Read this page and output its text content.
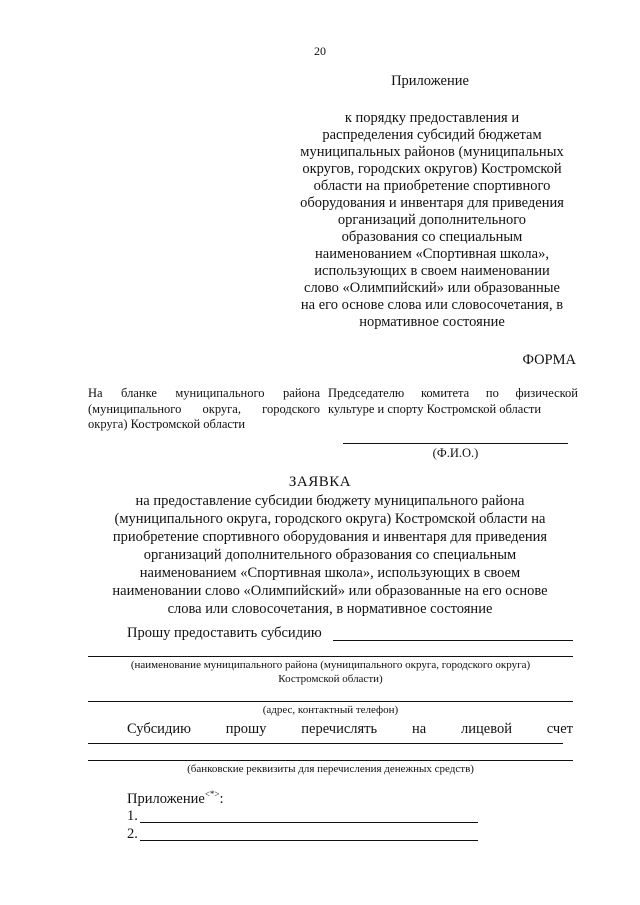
20
Приложение
к порядку предоставления и
распределения субсидий бюджетам
муниципальных районов (муниципальных
округов, городских округов) Костромской
области на приобретение спортивного
оборудования и инвентаря для приведения
организаций дополнительного
образования со специальным
наименованием «Спортивная школа»,
использующих в своем наименовании
слово «Олимпийский» или образованные
на его основе слова или словосочетания, в
нормативное состояние
ФОРМА
На бланке муниципального района (муниципального округа, городского округа) Костромской области
Председателю комитета по физической культуре и спорту Костромской области
(Ф.И.О.)
ЗАЯВКА
на предоставление субсидии бюджету муниципального района
(муниципального округа, городского округа) Костромской области на
приобретение спортивного оборудования и инвентаря для приведения
организаций дополнительного образования со специальным
наименованием «Спортивная школа», использующих в своем
наименовании слово «Олимпийский» или образованные на его основе
слова или словосочетания, в нормативное состояние
Прошу предоставить субсидию
(наименование муниципального района (муниципального округа, городского округа)
Костромской области)
(адрес, контактный телефон)
Субсидию прошу перечислять на лицевой счет
(банковские реквизиты для перечисления денежных средств)
Приложение<*>:
1.
2.
